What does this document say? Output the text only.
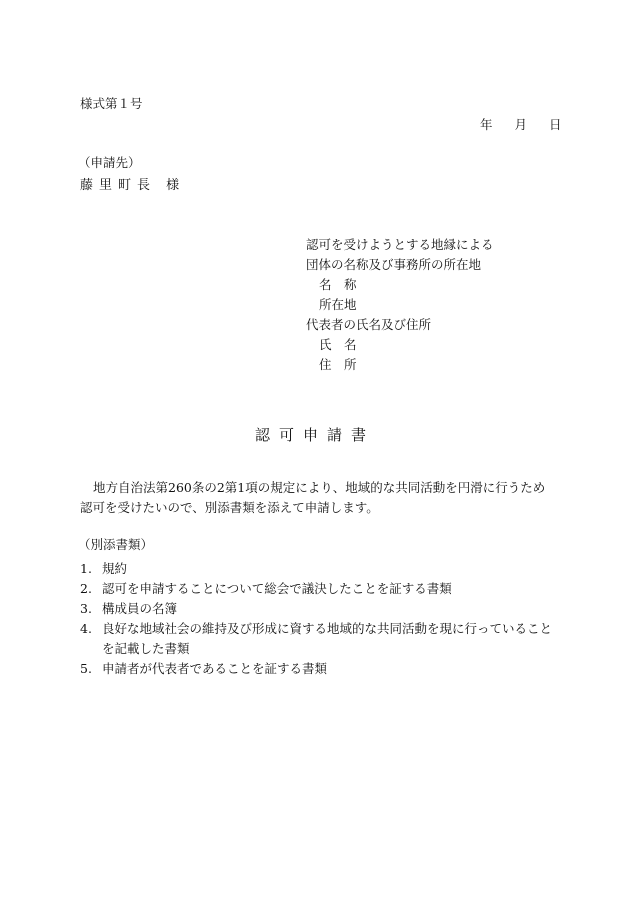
様式第１号
年 月 日
（申請先）
藤里町長 様
認可を受けようとする地縁による
団体の名称及び事務所の所在地
名　称
所在地
代表者の氏名及び住所
氏　名
住　所
認可申請書
地方自治法第260条の2第1項の規定により、地域的な共同活動を円滑に行うため
認可を受けたいので、別添書類を添えて申請します。
（別添書類）
1. 規約
2. 認可を申請することについて総会で議決したことを証する書類
3. 構成員の名簿
4. 良好な地域社会の維持及び形成に資する地域的な共同活動を現に行っていることを記載した書類
5. 申請者が代表者であることを証する書類
